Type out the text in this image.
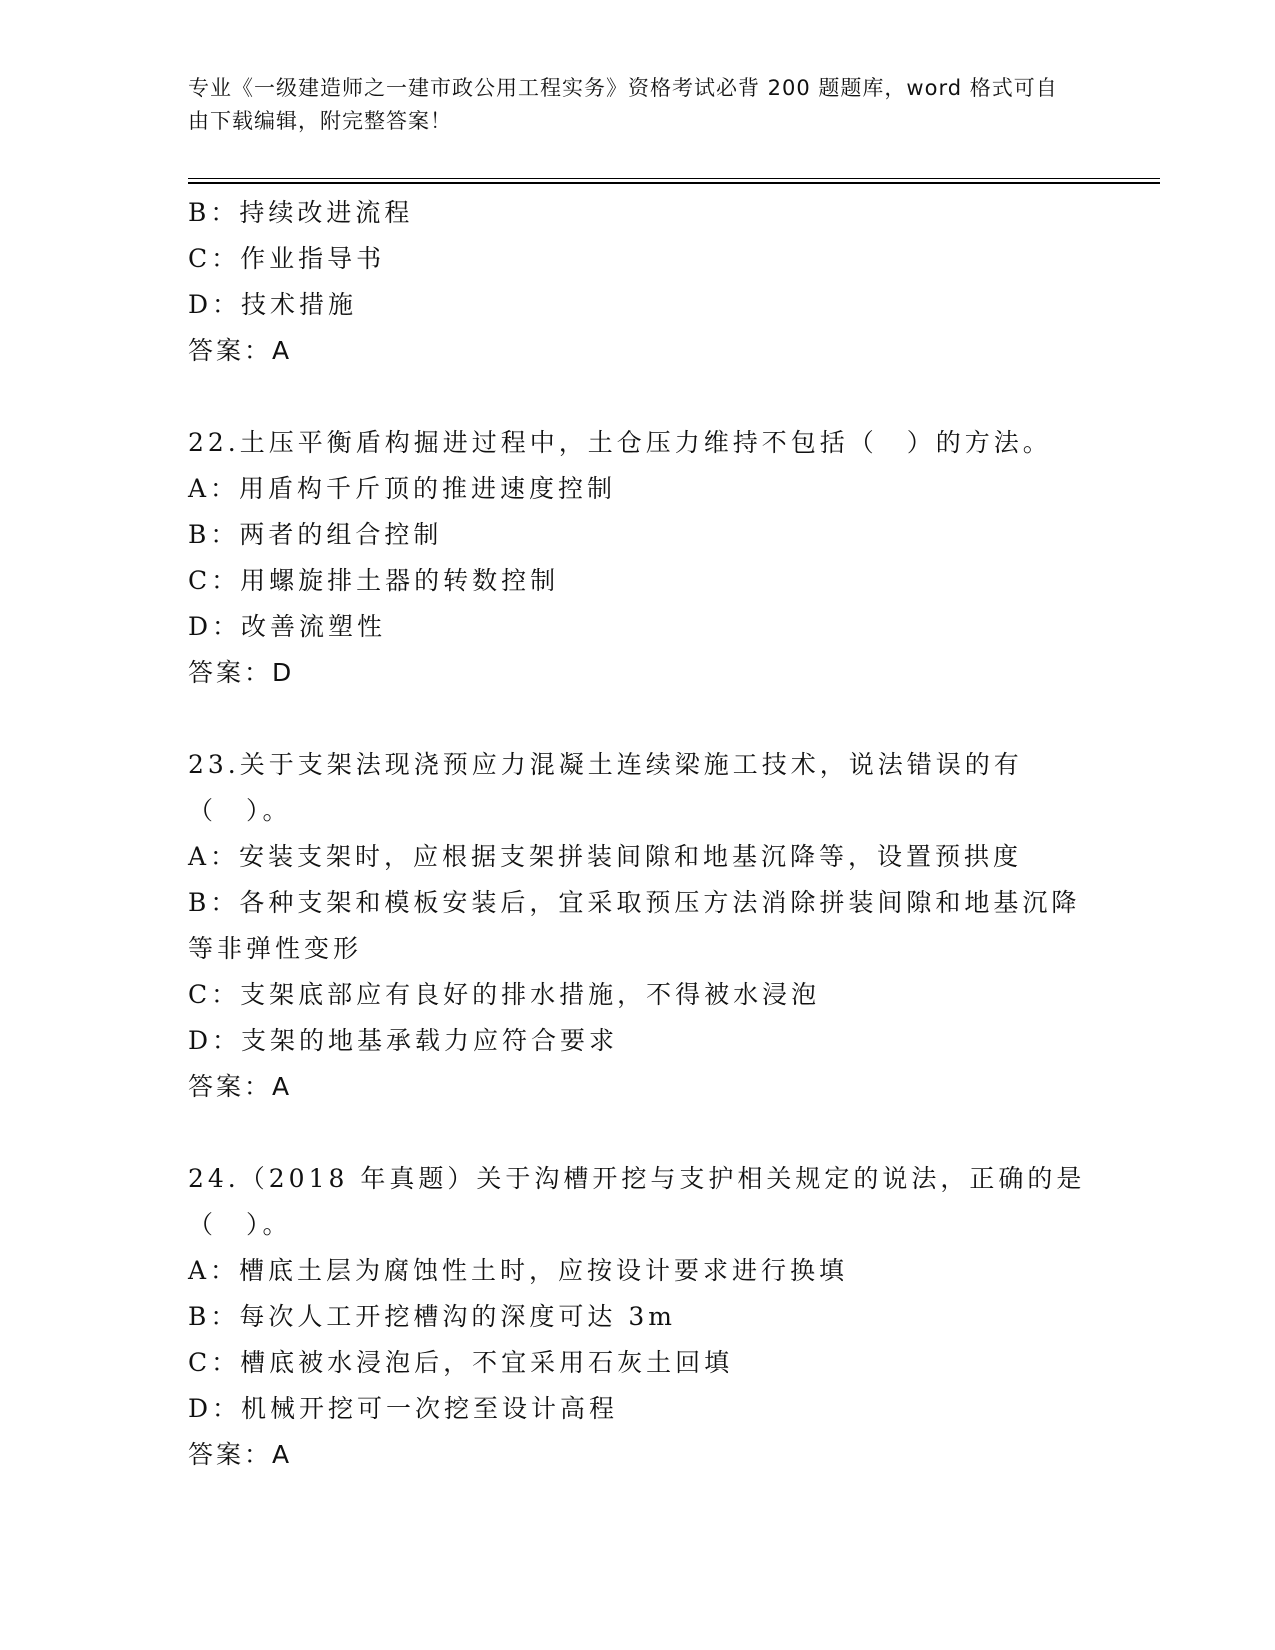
专业《一级建造师之一建市政公用工程实务》资格考试必背 200 题题库，word 格式可自由下载编辑，附完整答案！
B：持续改进流程
C：作业指导书
D：技术措施
答案：A
22.土压平衡盾构掘进过程中，土仓压力维持不包括（　）的方法。
A：用盾构千斤顶的推进速度控制
B：两者的组合控制
C：用螺旋排土器的转数控制
D：改善流塑性
答案：D
23.关于支架法现浇预应力混凝土连续梁施工技术，说法错误的有（　）。
A：安装支架时，应根据支架拼装间隙和地基沉降等，设置预拱度
B：各种支架和模板安装后，宜采取预压方法消除拼装间隙和地基沉降等非弹性变形
C：支架底部应有良好的排水措施，不得被水浸泡
D：支架的地基承载力应符合要求
答案：A
24.（2018 年真题）关于沟槽开挖与支护相关规定的说法，正确的是（　）。
A：槽底土层为腐蚀性土时，应按设计要求进行换填
B：每次人工开挖槽沟的深度可达 3m
C：槽底被水浸泡后，不宜采用石灰土回填
D：机械开挖可一次挖至设计高程
答案：A
